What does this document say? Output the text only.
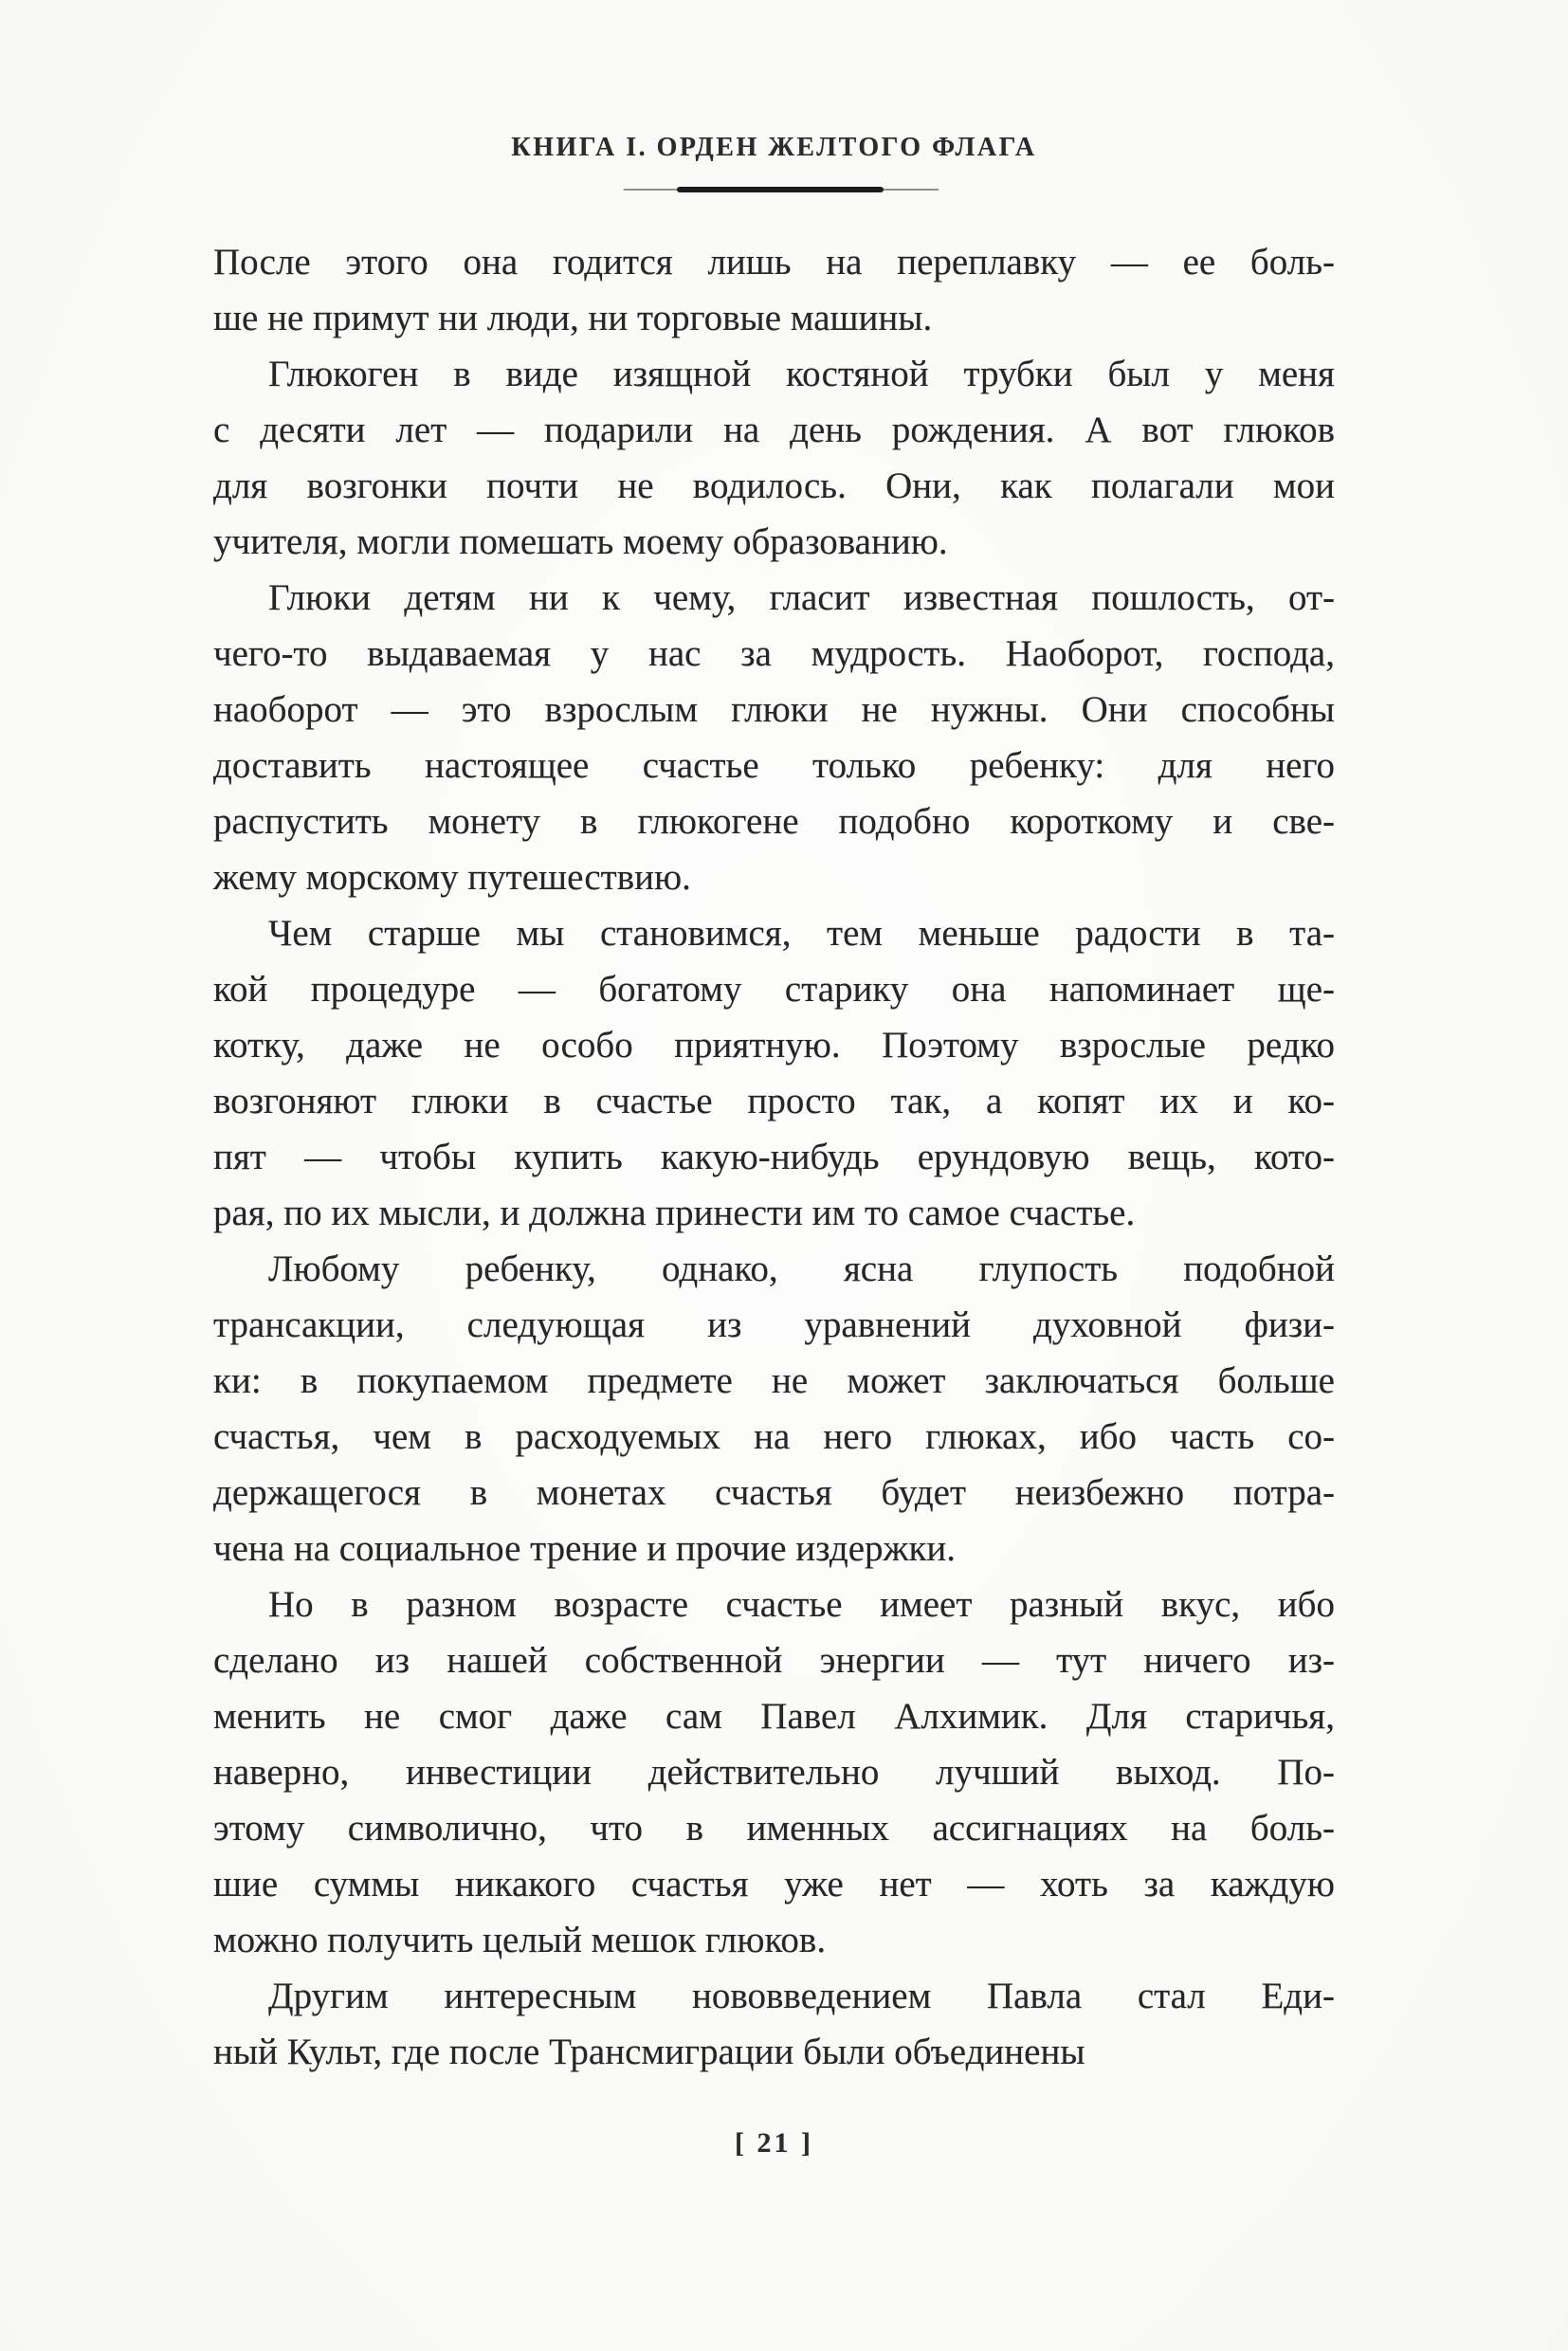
КНИГА I. ОРДЕН ЖЕЛТОГО ФЛАГА
После этого она годится лишь на переплавку — ее боль-
ше не примут ни люди, ни торговые машины.
Глюкоген в виде изящной костяной трубки был у меня
с десяти лет — подарили на день рождения. А вот глюков
для возгонки почти не водилось. Они, как полагали мои
учителя, могли помешать моему образованию.
Глюки детям ни к чему, гласит известная пошлость, от-
чего-то выдаваемая у нас за мудрость. Наоборот, господа,
наоборот — это взрослым глюки не нужны. Они способны
доставить настоящее счастье только ребенку: для него
распустить монету в глюкогене подобно короткому и све-
жему морскому путешествию.
Чем старше мы становимся, тем меньше радости в та-
кой процедуре — богатому старику она напоминает ще-
котку, даже не особо приятную. Поэтому взрослые редко
возгоняют глюки в счастье просто так, а копят их и ко-
пят — чтобы купить какую-нибудь ерундовую вещь, кото-
рая, по их мысли, и должна принести им то самое счастье.
Любому ребенку, однако, ясна глупость подобной
трансакции, следующая из уравнений духовной физи-
ки: в покупаемом предмете не может заключаться больше
счастья, чем в расходуемых на него глюках, ибо часть со-
держащегося в монетах счастья будет неизбежно потра-
чена на социальное трение и прочие издержки.
Но в разном возрасте счастье имеет разный вкус, ибо
сделано из нашей собственной энергии — тут ничего из-
менить не смог даже сам Павел Алхимик. Для старичья,
наверно, инвестиции действительно лучший выход. По-
этому символично, что в именных ассигнациях на боль-
шие суммы никакого счастья уже нет — хоть за каждую
можно получить целый мешок глюков.
Другим интересным нововведением Павла стал Еди-
ный Культ, где после Трансмиграции были объединены
[ 21 ]
